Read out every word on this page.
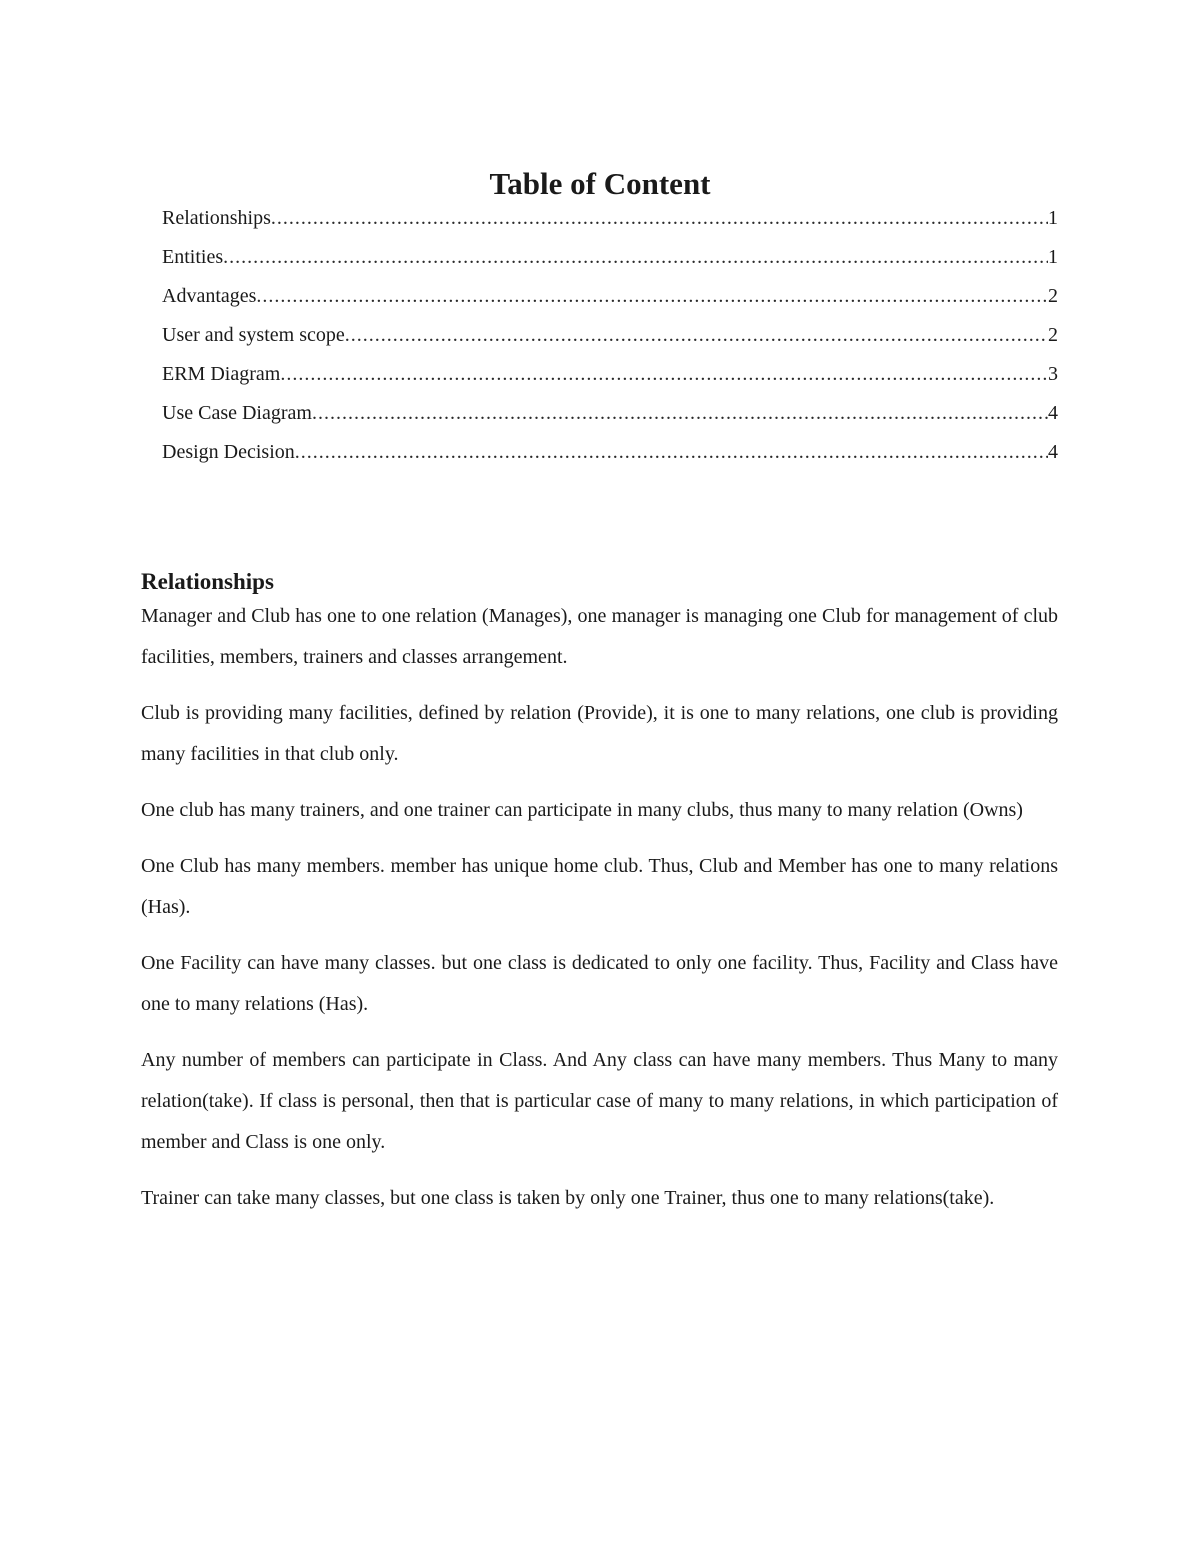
Table of Content
Relationships .....	1
Entities .....	1
Advantages .....	2
User and system scope .....	2
ERM Diagram .....	3
Use Case Diagram .....	4
Design Decision .....	4
Relationships

Manager and Club has one to one relation (Manages), one manager is managing one Club for management of club facilities, members, trainers and classes arrangement.

Club is providing many facilities, defined by relation (Provide), it is one to many relations, one club is providing many facilities in that club only.

One club has many trainers, and one trainer can participate in many clubs, thus many to many relation (Owns)

One Club has many members. member has unique home club. Thus, Club and Member has one to many relations (Has).

One Facility can have many classes. but one class is dedicated to only one facility. Thus, Facility and Class have one to many relations (Has).

Any number of members can participate in Class. And Any class can have many members. Thus Many to many relation(take). If class is personal, then that is particular case of many to many relations, in which participation of member and Class is one only.

Trainer can take many classes, but one class is taken by only one Trainer, thus one to many relations(take).
